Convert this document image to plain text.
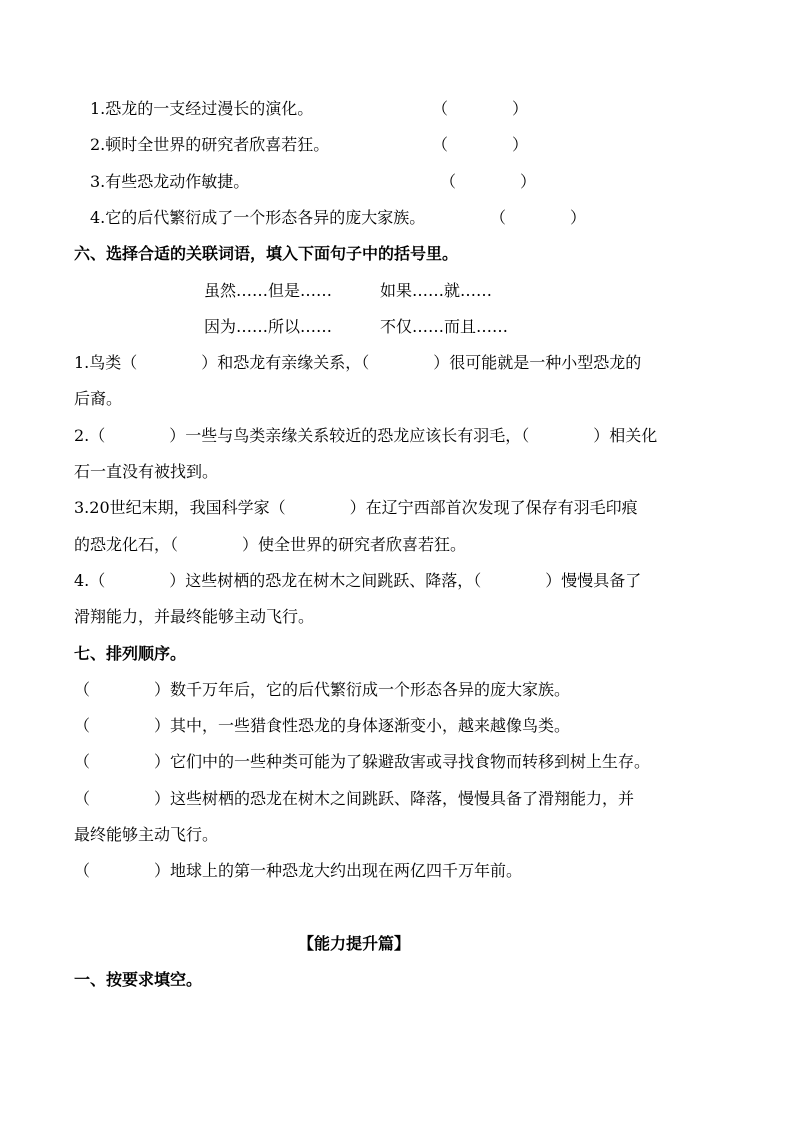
1.恐龙的一支经过漫长的演化。	（　　　　）
2.顿时全世界的研究者欣喜若狂。	（　　　　）
3.有些恐龙动作敏捷。	（　　　　）
4.它的后代繁衍成了一个形态各异的庞大家族。	（　　　　）
六、选择合适的关联词语，填入下面句子中的括号里。
虽然……但是……	如果……就……
因为……所以……	不仅……而且……
1.鸟类（　　　　）和恐龙有亲缘关系，（　　　　）很可能就是一种小型恐龙的
后裔。
2.（　　　　）一些与鸟类亲缘关系较近的恐龙应该长有羽毛，（　　　　）相关化
石一直没有被找到。
3.20世纪末期，我国科学家（　　　　）在辽宁西部首次发现了保存有羽毛印痕
的恐龙化石，（　　　　）使全世界的研究者欣喜若狂。
4.（　　　　）这些树栖的恐龙在树木之间跳跃、降落，（　　　　）慢慢具备了
滑翔能力，并最终能够主动飞行。
七、排列顺序。
（　　　　）数千万年后，它的后代繁衍成一个形态各异的庞大家族。
（　　　　）其中，一些猎食性恐龙的身体逐渐变小，越来越像鸟类。
（　　　　）它们中的一些种类可能为了躲避敌害或寻找食物而转移到树上生存。
（　　　　）这些树栖的恐龙在树木之间跳跃、降落，慢慢具备了滑翔能力，并
最终能够主动飞行。
（　　　　）地球上的第一种恐龙大约出现在两亿四千万年前。
【能力提升篇】
一、按要求填空。
